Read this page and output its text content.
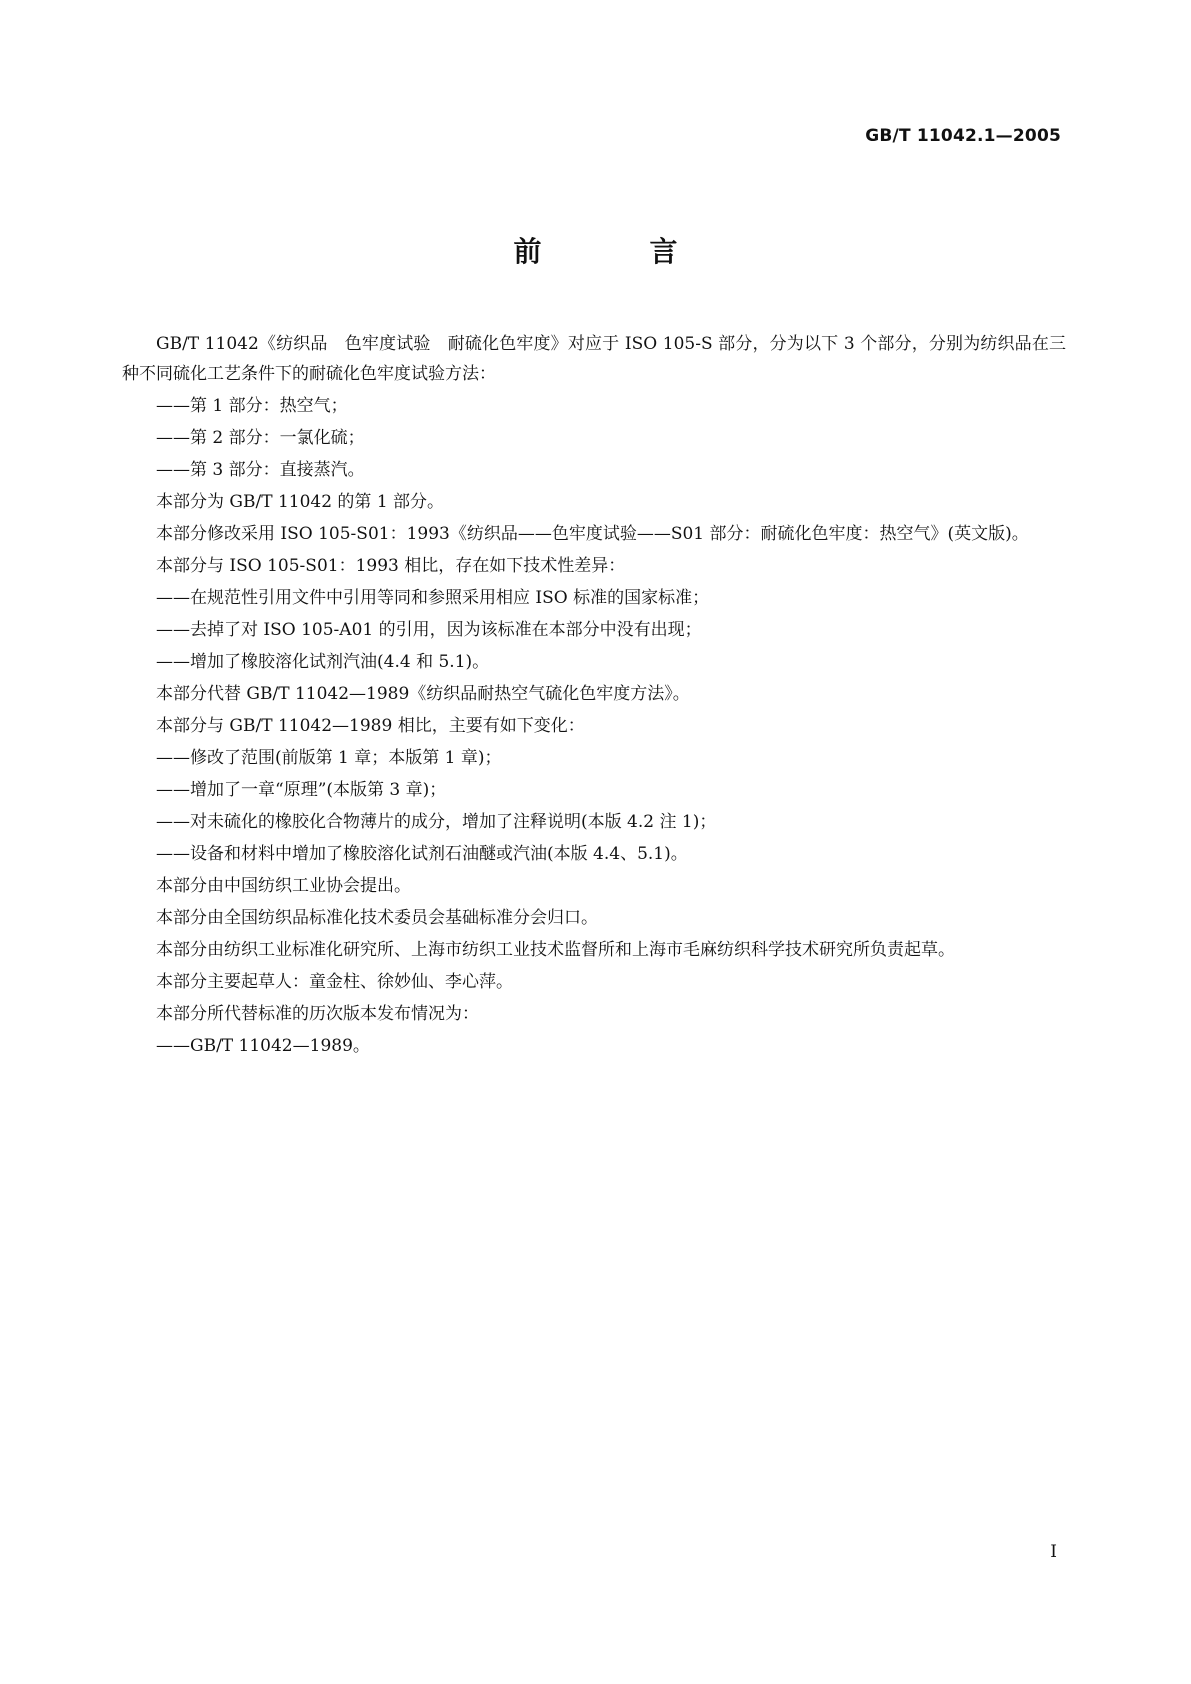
GB/T 11042.1—2005
前　言

GB/T 11042《纺织品　色牢度试验　耐硫化色牢度》对应于 ISO 105-S 部分，分为以下 3 个部分，分别为纺织品在三种不同硫化工艺条件下的耐硫化色牢度试验方法：

——第 1 部分：热空气；

——第 2 部分：一氯化硫；

——第 3 部分：直接蒸汽。

本部分为 GB/T 11042 的第 1 部分。

本部分修改采用 ISO 105-S01：1993《纺织品——色牢度试验——S01 部分：耐硫化色牢度：热空气》(英文版)。

本部分与 ISO 105-S01：1993 相比，存在如下技术性差异：

——在规范性引用文件中引用等同和参照采用相应 ISO 标准的国家标准；

——去掉了对 ISO 105-A01 的引用，因为该标准在本部分中没有出现；

——增加了橡胶溶化试剂汽油(4.4 和 5.1)。

本部分代替 GB/T 11042—1989《纺织品耐热空气硫化色牢度方法》。

本部分与 GB/T 11042—1989 相比，主要有如下变化：

——修改了范围(前版第 1 章；本版第 1 章)；

——增加了一章“原理”(本版第 3 章)；

——对未硫化的橡胶化合物薄片的成分，增加了注释说明(本版 4.2 注 1)；

——设备和材料中增加了橡胶溶化试剂石油醚或汽油(本版 4.4、5.1)。

本部分由中国纺织工业协会提出。

本部分由全国纺织品标准化技术委员会基础标准分会归口。

本部分由纺织工业标准化研究所、上海市纺织工业技术监督所和上海市毛麻纺织科学技术研究所负责起草。

本部分主要起草人：童金柱、徐妙仙、李心萍。

本部分所代替标准的历次版本发布情况为：

——GB/T 11042—1989。

I
